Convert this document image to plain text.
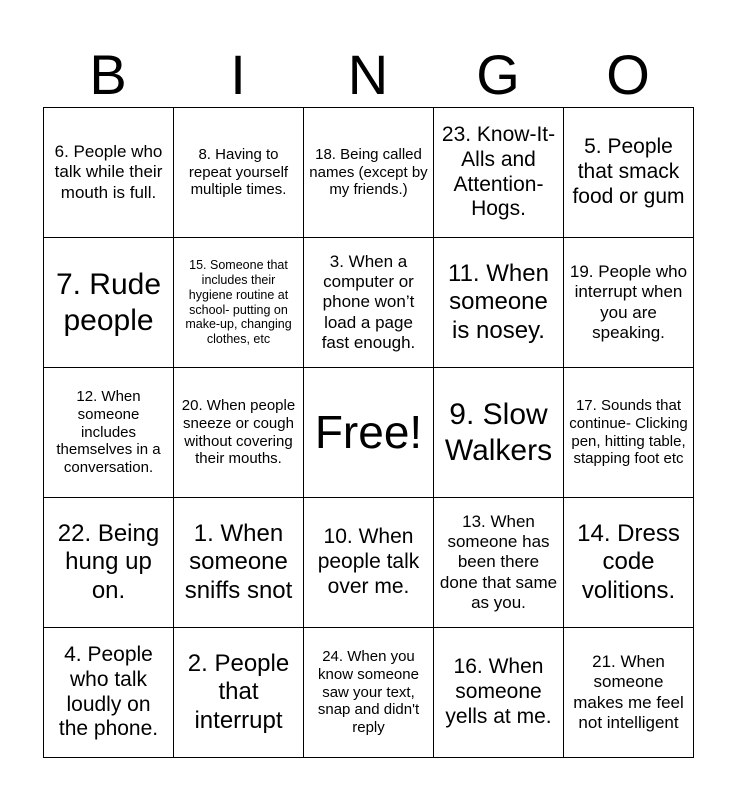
B	I	N	G	O
6. People who talk while their mouth is full.	8. Having to repeat yourself multiple times.	18. Being called names (except by my friends.)	23. Know-It-Alls and Attention-Hogs.	5. People that smack food or gum
7. Rude people	15. Someone that includes their hygiene routine at school- putting on make-up, changing clothes, etc	3. When a computer or phone won’t load a page fast enough.	11. When someone is nosey.	19. People who interrupt when you are speaking.
12. When someone includes themselves in a conversation.	20. When people sneeze or cough without covering their mouths.	Free!	9. Slow Walkers	17. Sounds that continue- Clicking pen, hitting table, stapping foot etc
22. Being hung up on.	1. When someone sniffs snot	10. When people talk over me.	13. When someone has been there done that same as you.	14. Dress code volitions.
4. People who talk loudly on the phone.	2. People that interrupt	24. When you know someone saw your text, snap and didn't reply	16. When someone yells at me.	21. When someone makes me feel not intelligent
